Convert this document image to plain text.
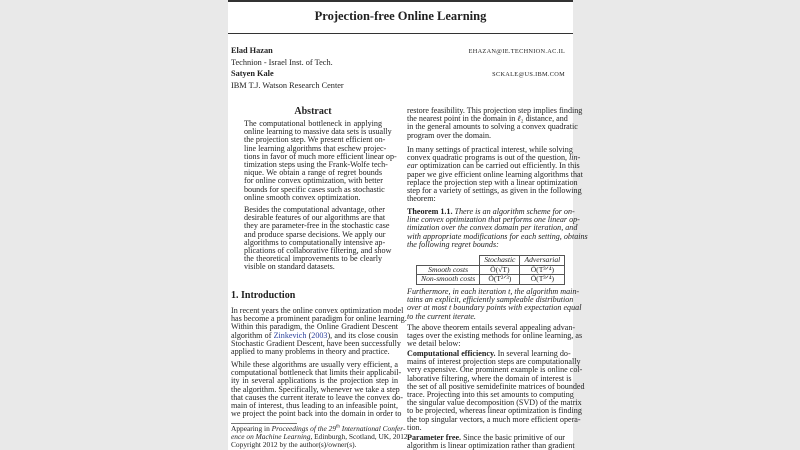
Projection-free Online Learning
Elad Hazan
Technion - Israel Inst. of Tech.
EHAZAN@IE.TECHNION.AC.IL
Satyen Kale
IBM T.J. Watson Research Center
SCKALE@US.IBM.COM
Abstract
The computational bottleneck in applying
online learning to massive data sets is usually
the projection step. We present efficient on-
line learning algorithms that eschew projec-
tions in favor of much more efficient linear op-
timization steps using the Frank-Wolfe tech-
nique. We obtain a range of regret bounds
for online convex optimization, with better
bounds for specific cases such as stochastic
online smooth convex optimization.
Besides the computational advantage, other
desirable features of our algorithms are that
they are parameter-free in the stochastic case
and produce sparse decisions. We apply our
algorithms to computationally intensive ap-
plications of collaborative filtering, and show
the theoretical improvements to be clearly
visible on standard datasets.
1. Introduction
In recent years the online convex optimization model
has become a prominent paradigm for online learning.
Within this paradigm, the Online Gradient Descent
algorithm of Zinkevich (2003), and its close cousin
Stochastic Gradient Descent, have been successfully
applied to many problems in theory and practice.
While these algorithms are usually very efficient, a
computational bottleneck that limits their applicabil-
ity in several applications is the projection step in
the algorithm. Specifically, whenever we take a step
that causes the current iterate to leave the convex do-
main of interest, thus leading to an infeasible point,
we project the point back into the domain in order to
Appearing in Proceedings of the 29th International Confer-
ence on Machine Learning, Edinburgh, Scotland, UK, 2012.
Copyright 2012 by the author(s)/owner(s).
restore feasibility. This projection step implies finding
the nearest point in the domain in ℓ₂ distance, and
in the general amounts to solving a convex quadratic
program over the domain.
In many settings of practical interest, while solving
convex quadratic programs is out of the question, lin-
ear optimization can be carried out efficiently. In this
paper we give efficient online learning algorithms that
replace the projection step with a linear optimization
step for a variety of settings, as given in the following
theorem:
Theorem 1.1. There is an algorithm scheme for on-
line convex optimization that performs one linear op-
timization over the convex domain per iteration, and
with appropriate modifications for each setting, obtains
the following regret bounds:
	Stochastic	Adversarial
Smooth costs	Õ(√T)	Õ(T³ᐟ⁴)
Non-smooth costs	Õ(T²ᐟ³)	Õ(T³ᐟ⁴)
Furthermore, in each iteration t, the algorithm main-
tains an explicit, efficiently sampleable distribution
over at most t boundary points with expectation equal
to the current iterate.
The above theorem entails several appealing advan-
tages over the existing methods for online learning, as
we detail below:
Computational efficiency. In several learning do-
mains of interest projection steps are computationally
very expensive. One prominent example is online col-
laborative filtering, where the domain of interest is
the set of all positive semidefinite matrices of bounded
trace. Projecting into this set amounts to computing
the singular value decomposition (SVD) of the matrix
to be projected, whereas linear optimization is finding
the top singular vectors, a much more efficient opera-
tion.
Parameter free. Since the basic primitive of our
algorithm is linear optimization rather than gradient
